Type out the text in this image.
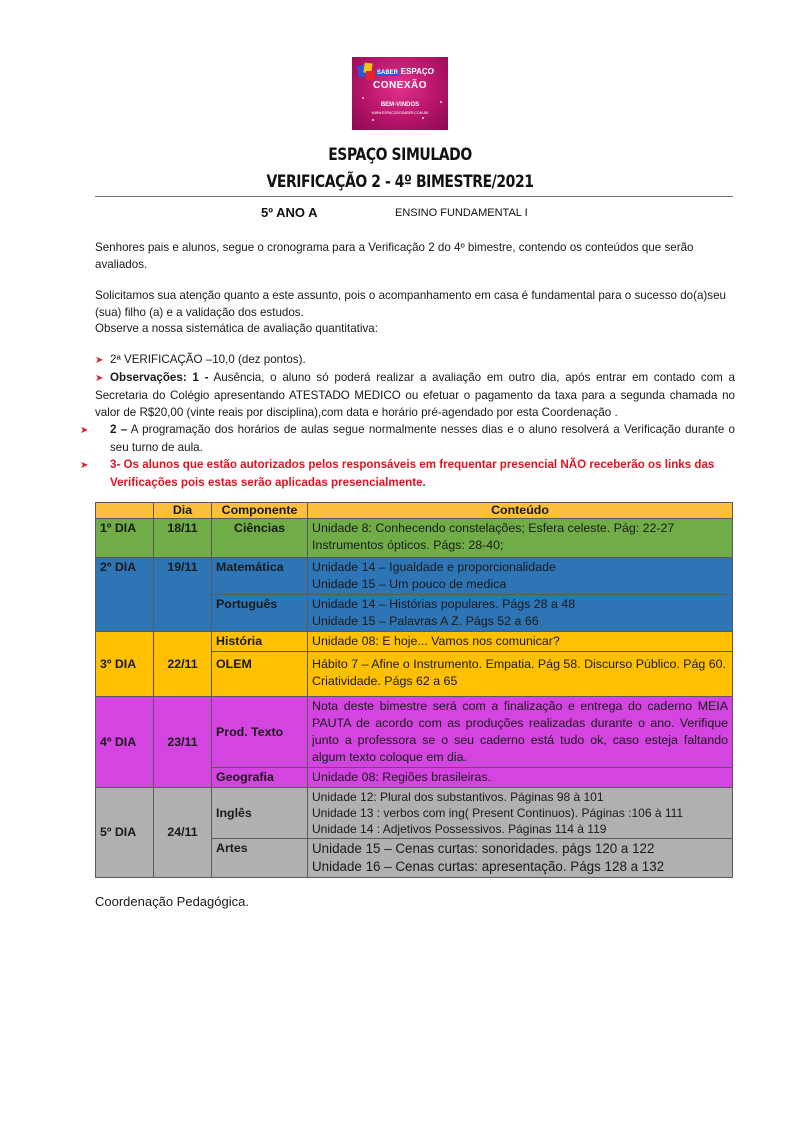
SABER ESPAÇO
CONEXÃO
BEM-VINDOS
WWW.ESPACODOSABER.COM.BR
ESPAÇO SIMULADO
VERIFICAÇÃO 2 - 4º BIMESTRE/2021
5º ANO A	ENSINO FUNDAMENTAL I
Senhores pais e alunos, segue o cronograma para a Verificação 2 do 4º bimestre, contendo os conteúdos que serão avaliados.
Solicitamos sua atenção quanto a este assunto, pois o acompanhamento em casa é fundamental para o sucesso do(a)seu (sua) filho (a) e a validação dos estudos.
Observe a nossa sistemática de avaliação quantitativa:
➤ 2ª VERIFICAÇÃO –10,0 (dez pontos).
➤ Observações: 1 - Ausência, o aluno só poderá realizar a avaliação em outro dia, após entrar em contado com a Secretaria do Colégio apresentando ATESTADO MEDICO ou efetuar o pagamento da taxa para a segunda chamada no valor de R$20,00 (vinte reais por disciplina),com data e horário pré-agendado por esta Coordenação .
➤ 2 – A programação dos horários de aulas segue normalmente nesses dias e o aluno resolverá a Verificação durante o seu turno de aula.
➤ 3- Os alunos que estão autorizados pelos responsáveis em frequentar presencial NÃO receberão os links das Verificações pois estas serão aplicadas presencialmente.
	Dia	Componente	Conteúdo
1º DIA	18/11	Ciências	Unidade 8: Conhecendo constelações; Esfera celeste. Pág: 22-27
Instrumentos ópticos. Págs: 28-40;

2º DIA	19/11	Matemática	Unidade 14 – Igualdade e proporcionalidade
Unidade 15 – Um pouco de medica

		Português	Unidade 14 – Histórias populares. Págs 28 a 48
Unidade 15 – Palavras A Z. Págs 52 a 66

3º DIA	22/11	História	Unidade 08: E hoje... Vamos nos comunicar?
		OLEM	Hábito 7 – Afine o Instrumento. Empatia. Pág 58. Discurso Público. Pág 60. Criatividade. Págs 62 a 65
4º DIA	23/11	Prod. Texto	Nota deste bimestre será com a finalização e entrega do caderno MEIA PAUTA de acordo com as produções realizadas durante o ano. Verifique junto a professora se o seu caderno está tudo ok, caso esteja faltando algum texto coloque em dia.
		Geografia	Unidade 08: Regiões brasileiras.
5º DIA	24/11	Inglês	Unidade 12: Plural dos substantivos. Páginas 98 à 101
Unidade 13 : verbos com ing( Present Continuos). Páginas :106 à 111
Unidade 14 : Adjetivos Possessivos. Páginas 114 à 119

		Artes	Unidade 15 – Cenas curtas: sonoridades. págs 120 a 122
Unidade 16 – Cenas curtas: apresentação. Págs 128 a 132
Coordenação Pedagógica.
